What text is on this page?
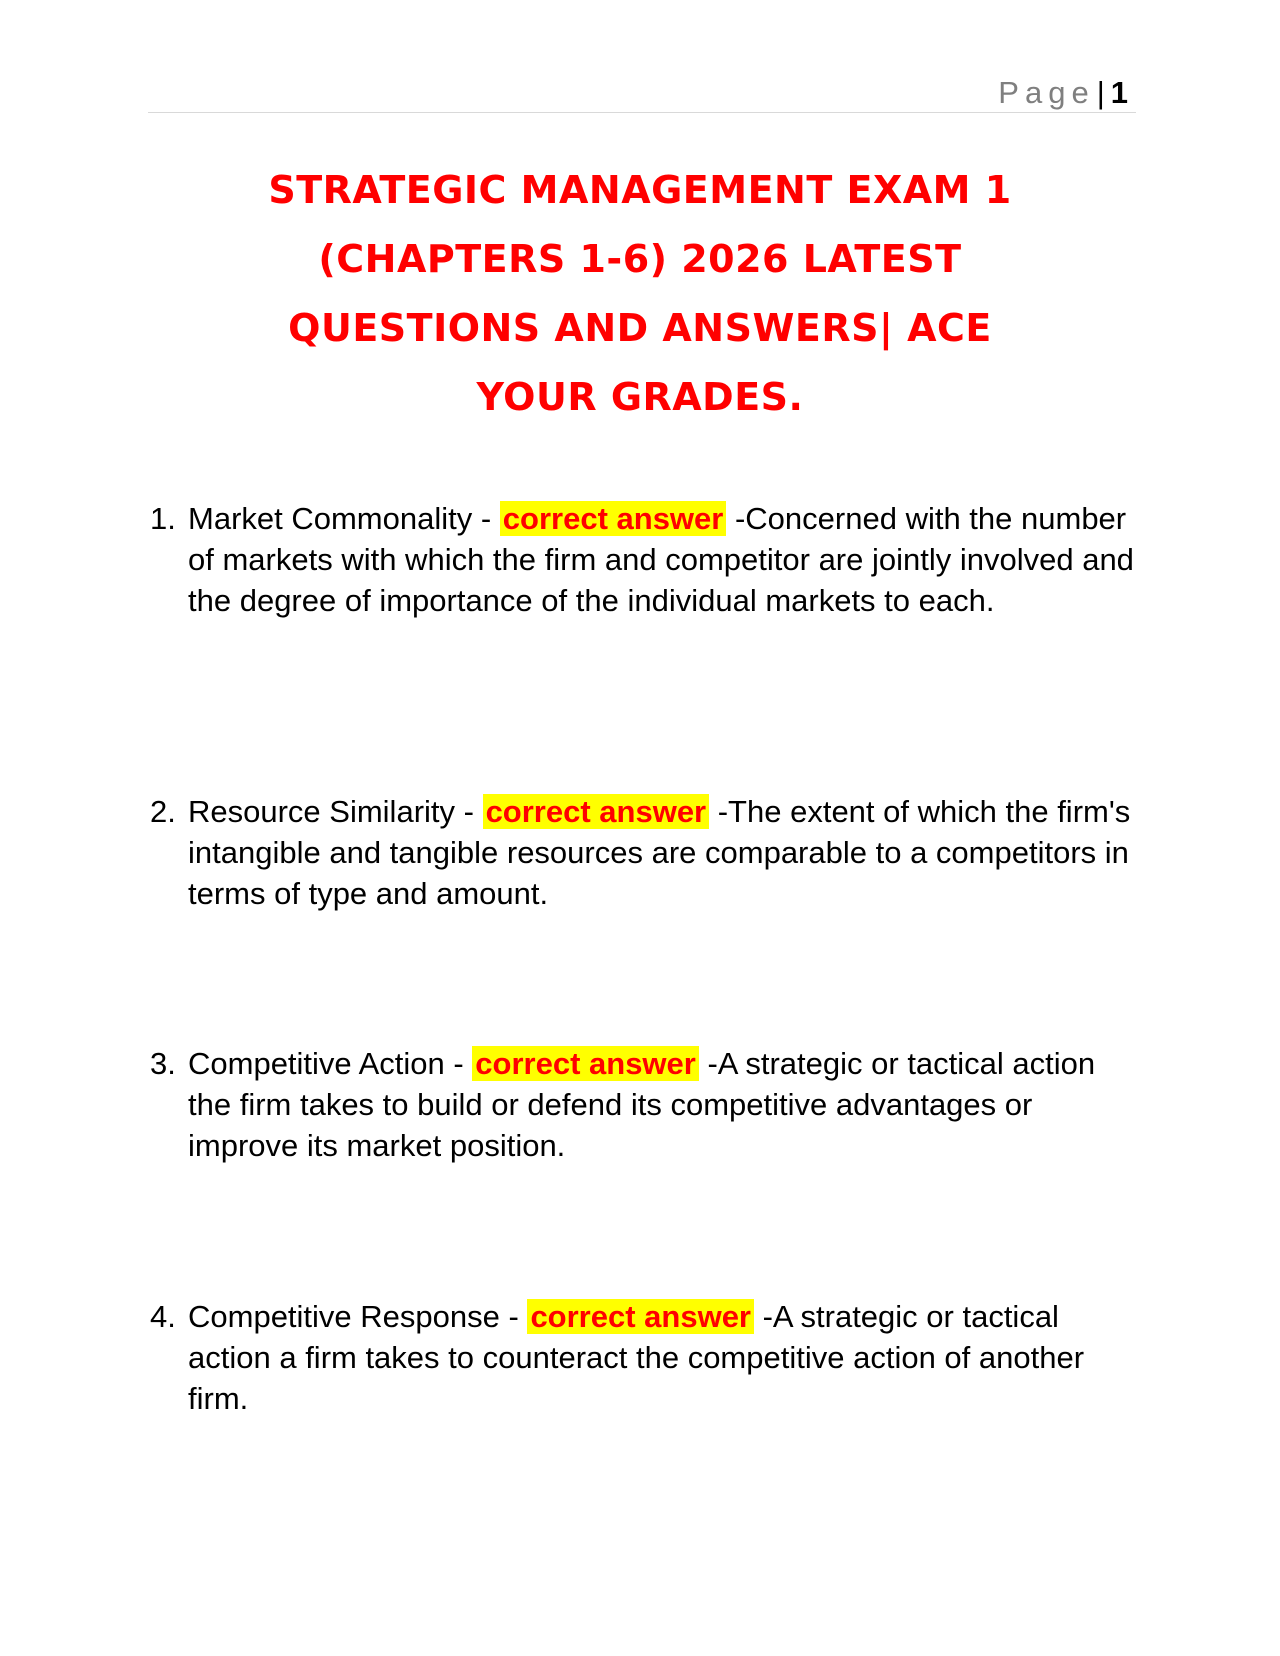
Page| 1
STRATEGIC MANAGEMENT EXAM 1
(CHAPTERS 1-6) 2026 LATEST
QUESTIONS AND ANSWERS| ACE
YOUR GRADES.
1. Market Commonality - correct answer -Concerned with the number of markets with which the firm and competitor are jointly involved and the degree of importance of the individual markets to each.
2. Resource Similarity - correct answer -The extent of which the firm's intangible and tangible resources are comparable to a competitors in terms of type and amount.
3. Competitive Action - correct answer -A strategic or tactical action the firm takes to build or defend its competitive advantages or improve its market position.
4. Competitive Response - correct answer -A strategic or tactical action a firm takes to counteract the competitive action of another firm.
